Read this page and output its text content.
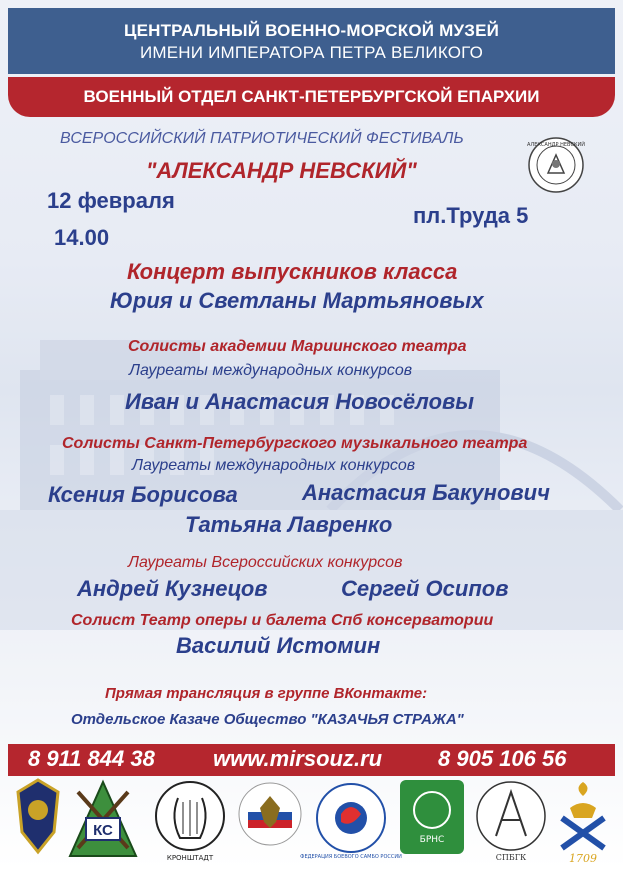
ЦЕНТРАЛЬНЫЙ ВОЕННО-МОРСКОЙ МУЗЕЙ
ИМЕНИ ИМПЕРАТОРА ПЕТРА ВЕЛИКОГО
ВОЕННЫЙ ОТДЕЛ САНКТ-ПЕТЕРБУРГСКОЙ ЕПАРХИИ
ВСЕРОССИЙСКИЙ ПАТРИОТИЧЕСКИЙ ФЕСТИВАЛЬ
"АЛЕКСАНДР НЕВСКИЙ"
АЛЕКСАНДР НЕВСКИЙ
12 февраля
14.00
пл.Труда 5
Концерт выпускников класса
Юрия и Светланы Мартьяновых
Солисты академии Мариинского театра
Лауреаты международных конкурсов
Иван и Анастасия Новосёловы
Солисты Санкт-Петербургского музыкального театра
Лауреаты международных конкурсов
Ксения Борисова	Анастасия Бакунович
Татьяна Лавренко
Лауреаты Всероссийских конкурсов
Андрей Кузнецов	Сергей Осипов
Солист Театр оперы и балета Спб консерватории
Василий Истомин
Прямая трансляция в группе ВКонтакте:
Отдельское Казаче Общество "КАЗАЧЬЯ СТРАЖА"
8 911 844 38	www.mirsouz.ru	8 905 106 56
КС
КРОНШТАДТ	ФЕДЕРАЦИЯ БОЕВОГО САМБО РОССИИ
БРНС
СПБГК	1709
